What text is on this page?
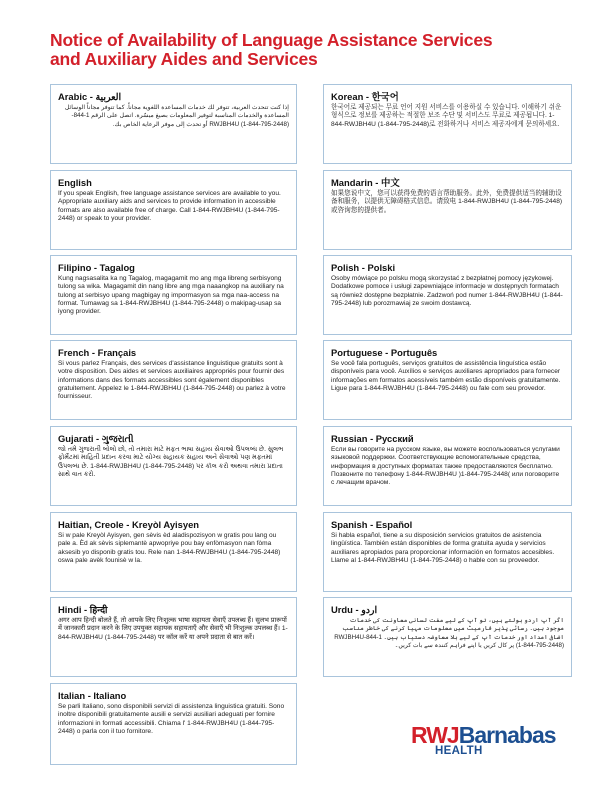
Notice of Availability of Language Assistance Services
and Auxiliary Aides and Services
Arabic - العربية

إذا كنت تتحدث العربية، تتوفر لك خدمات المساعدة اللغوية مجاناً. كما تتوفر مجاناً الوسائل المساعدة والخدمات المناسبة لتوفير المعلومات بصيغ ميسّرة. اتصل على الرقم 1-844-RWJBH4U (1-844-795-2448) أو تحدث إلى موفر الرعاية الخاص بك.

Korean - 한국어

한국어로 제공되는 무료 언어 지원 서비스를 이용하실 수 있습니다. 이해하기 쉬운 형식으로 정보를 제공하는 적절한 보조 수단 및 서비스도 무료로 제공됩니다. 1-844-RWJBH4U (1-844-795-2448)로 전화하거나 서비스 제공자에게 문의하세요.

English

If you speak English, free language assistance services are available to you. Appropriate auxiliary aids and services to provide information in accessible formats are also available free of charge. Call 1-844-RWJBH4U (1-844-795-2448) or speak to your provider.

Mandarin - 中文

如果您说中文，您可以获得免费的语言帮助服务。此外，免费提供适当的辅助设备和服务，以提供无障碍格式信息。请致电 1-844-RWJBH4U (1-844-795-2448) 或咨询您的提供者。

Filipino - Tagalog

Kung nagsasalita ka ng Tagalog, magagamit mo ang mga libreng serbisyong tulong sa wika. Magagamit din nang libre ang mga naaangkop na auxiliary na tulong at serbisyo upang magbigay ng impormasyon sa mga naa-access na format. Tumawag sa 1-844-RWJBH4U (1-844-795-2448) o makipag-usap sa iyong provider.

Polish - Polski

Osoby mówiące po polsku mogą skorzystać z bezpłatnej pomocy językowej. Dodatkowe pomoce i usługi zapewniające informacje w dostępnych formatach są również dostępne bezpłatnie. Zadzwoń pod numer 1-844-RWJBH4U (1-844-795-2448) lub porozmawiaj ze swoim dostawcą.

French - Français

Si vous parlez Français, des services d'assistance linguistique gratuits sont à votre disposition. Des aides et services auxiliaires appropriés pour fournir des informations dans des formats accessibles sont également disponibles gratuitement. Appelez le 1-844-RWJBH4U (1-844-795-2448) ou parlez à votre fournisseur.

Portuguese - Português

Se você fala português, serviços gratuitos de assistência linguística estão disponíveis para você. Auxílios e serviços auxiliares apropriados para fornecer informações em formatos acessíveis também estão disponíveis gratuitamente. Ligue para 1-844-RWJBH4U (1-844-795-2448) ou fale com seu provedor.

Gujarati - ગુજરાતી

જો તમે ગુજરાતી બોલો છો, તો તમારા માટે મફત ભાષા સહાય સેવાઓ ઉપલબ્ધ છે. સુલભ ફોર્મેટમાં માહિતી પ્રદાન કરવા માટે યોગ્ય સહાયક સહાય અને સેવાઓ પણ મફતમાં ઉપલબ્ધ છે. 1-844-RWJBH4U (1-844-795-2448) પર કૉલ કરો અથવા તમારા પ્રદાતા સાથે વાત કરો.

Russian - Русский

Если вы говорите на русском языке, вы можете воспользоваться услугами языковой поддержки. Соответствующие вспомогательные средства, информация в доступных форматах также предоставляются бесплатно. Позвоните по телефону 1-844-RWJBH4U )1-844-795-2448( или поговорите с лечащим врачом.

Haitian, Creole - Kreyòl Ayisyen

Si w pale Kreyòl Ayisyen, gen sèvis èd aladispozisyon w gratis pou lang ou pale a. Èd ak sèvis siplemantè apwopriye pou bay enfòmasyon nan fòma aksesib yo disponib gratis tou. Rele nan 1-844-RWJBH4U (1-844-795-2448) oswa pale avèk founisè w la.

Spanish - Español

Si habla español, tiene a su disposición servicios gratuitos de asistencia lingüística. También están disponibles de forma gratuita ayuda y servicios auxiliares apropiados para proporcionar información en formatos accesibles. Llame al 1-844-RWJBH4U (1-844-795-2448) o hable con su proveedor.

Hindi - हिन्दी

अगर आप हिन्दी बोलते हैं, तो आपके लिए निःशुल्क भाषा सहायता सेवाएँ उपलब्ध हैं। सुलभ प्रारूपों में जानकारी प्रदान करने के लिए उपयुक्त सहायक सहायताएँ और सेवाएँ भी निःशुल्क उपलब्ध हैं। 1-844-RWJBH4U (1-844-795-2448) पर कॉल करें या अपने प्रदाता से बात करें।

Urdu - اردو

اگر آپ اردو بولتے ہیں، تو آپ کے لیے مفت لسانی معاونت کی خدمات موجود ہیں۔ رسائی پذیر فارمیٹ میں معلومات مہیا کرنے کی خاطر مناسب اضافی امداد اور خدمات آپ کے لیے بلا معاوضہ دستیاب ہیں۔ 1-844-RWJBH4U (1-844-795-2448) پر کال کریں یا اپنے فراہم کنندہ سے بات کریں۔

Italian - Italiano

Se parli Italiano, sono disponibili servizi di assistenza linguistica gratuiti. Sono inoltre disponibili gratuitamente ausili e servizi ausiliari adeguati per fornire informazioni in formati accessibili. Chiama l' 1-844-RWJBH4U (1-844-795-2448) o parla con il tuo fornitore.	RWJBarnabas
HEALTH
